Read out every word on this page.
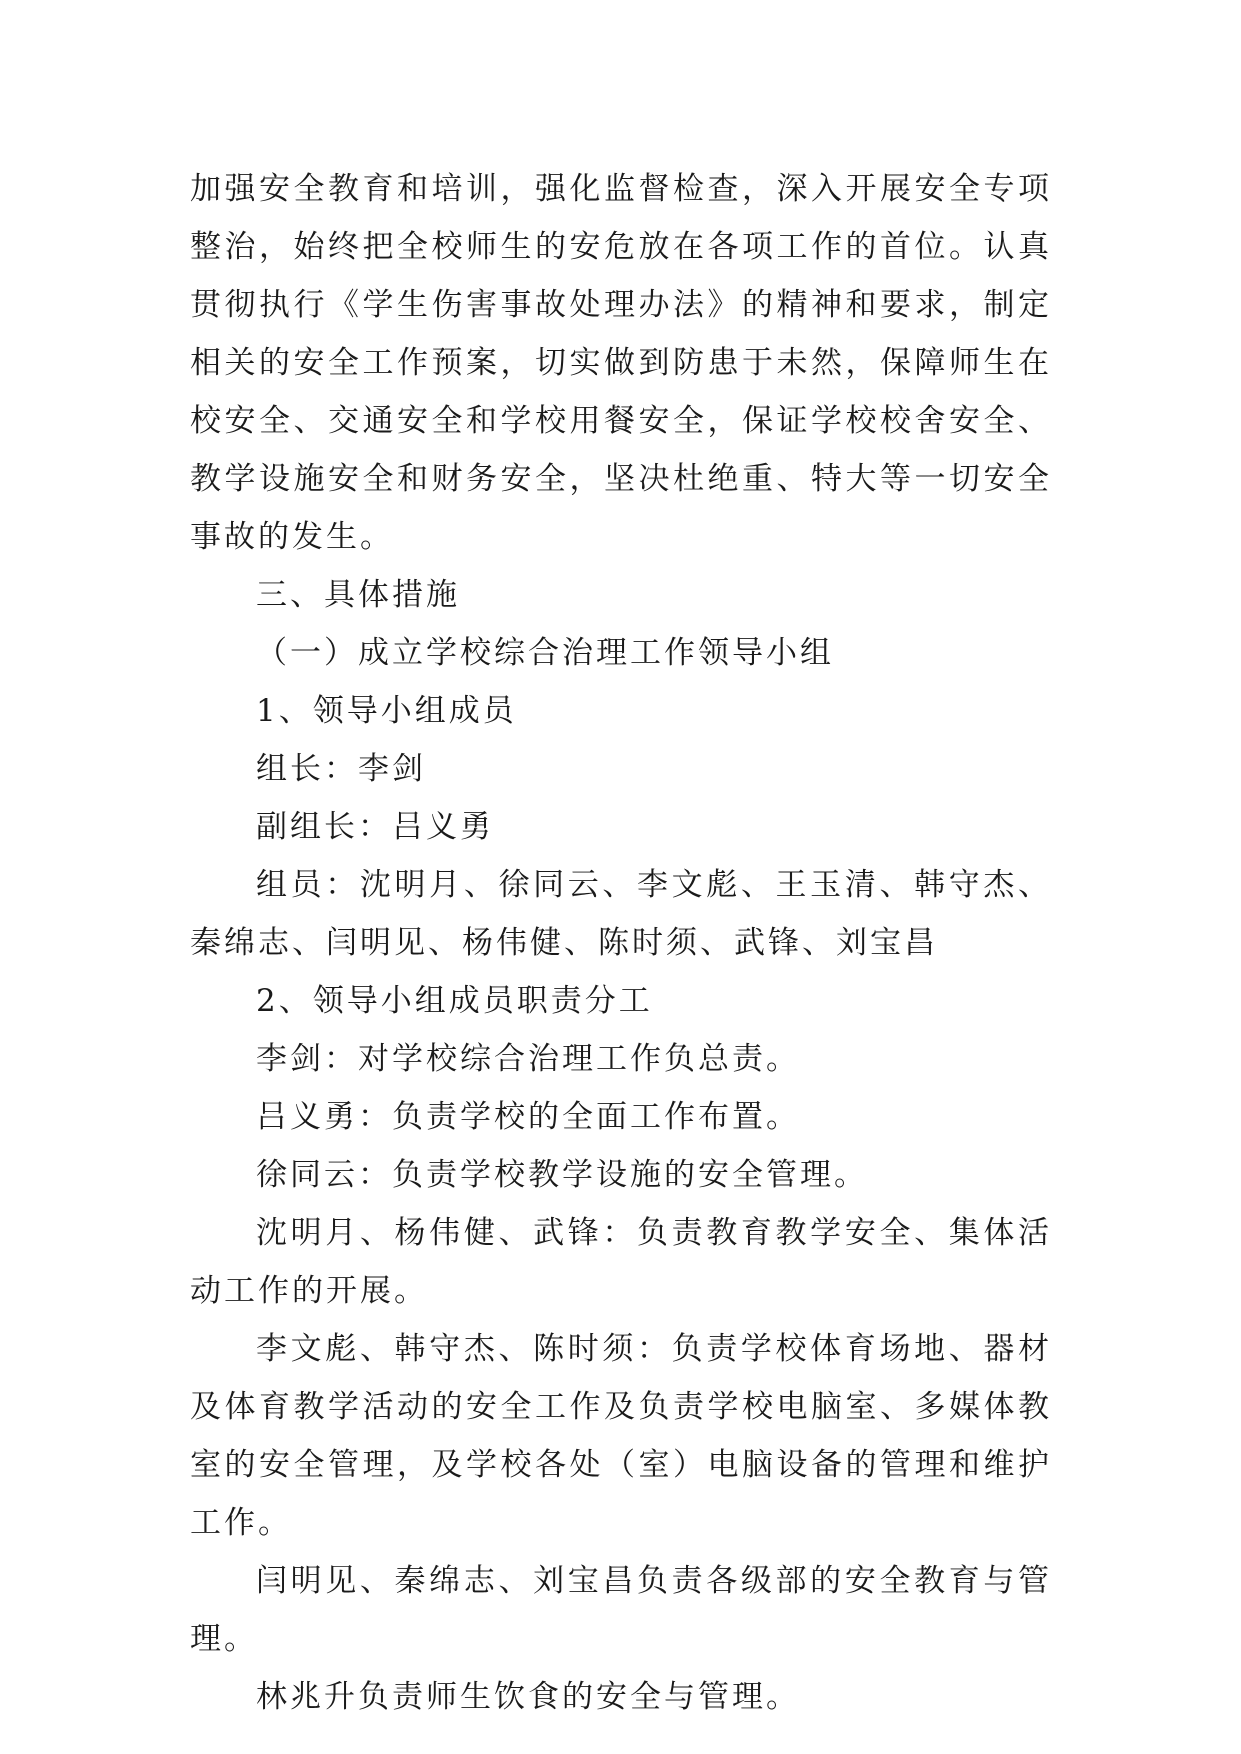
加强安全教育和培训，强化监督检查，深入开展安全专项整治，始终把全校师生的安危放在各项工作的首位。认真贯彻执行《学生伤害事故处理办法》的精神和要求，制定相关的安全工作预案，切实做到防患于未然，保障师生在校安全、交通安全和学校用餐安全，保证学校校舍安全、教学设施安全和财务安全，坚决杜绝重、特大等一切安全事故的发生。

三、具体措施

（一）成立学校综合治理工作领导小组

1、领导小组成员

组长：李剑

副组长：吕义勇

组员：沈明月、徐同云、李文彪、王玉清、韩守杰、秦绵志、闫明见、杨伟健、陈时须、武锋、刘宝昌

2、领导小组成员职责分工

李剑：对学校综合治理工作负总责。

吕义勇：负责学校的全面工作布置。

徐同云：负责学校教学设施的安全管理。

沈明月、杨伟健、武锋：负责教育教学安全、集体活动工作的开展。

李文彪、韩守杰、陈时须：负责学校体育场地、器材及体育教学活动的安全工作及负责学校电脑室、多媒体教室的安全管理，及学校各处（室）电脑设备的管理和维护工作。

闫明见、秦绵志、刘宝昌负责各级部的安全教育与管理。

林兆升负责师生饮食的安全与管理。
